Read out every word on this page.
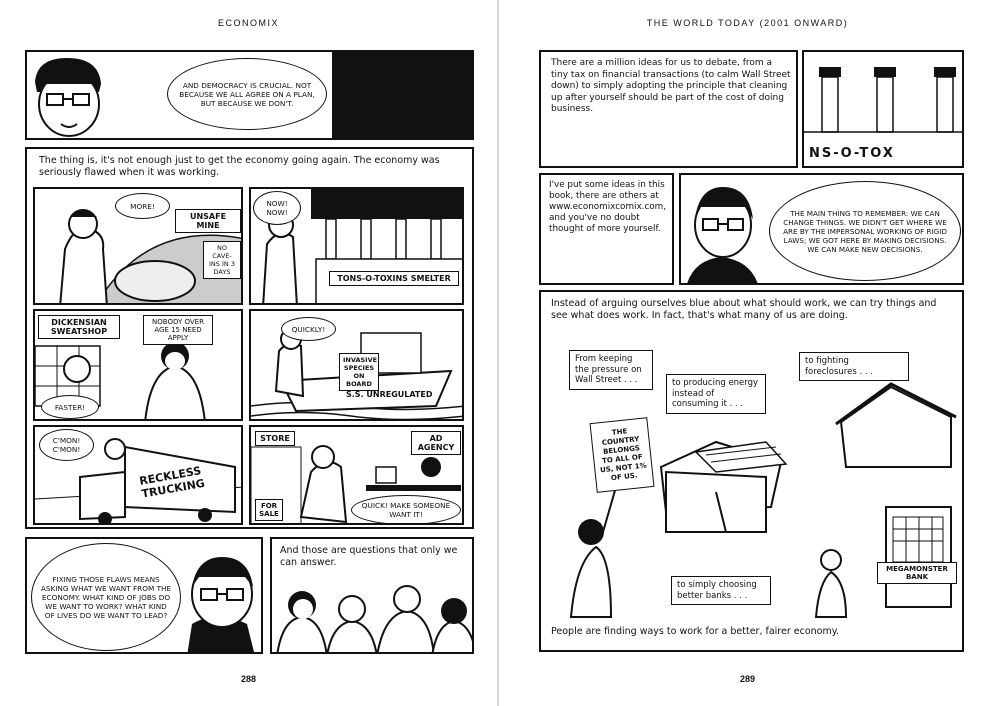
ECONOMIX
AND DEMOCRACY IS CRUCIAL. NOT BECAUSE WE ALL AGREE ON A PLAN, BUT BECAUSE WE DON'T.
The thing is, it's not enough just to get the economy going again. The economy was seriously flawed when it was working.
MORE!
UNSAFE MINE
NO CAVE-INS IN 3 DAYS
NOW! NOW!
TONS-O-TOXINS SMELTER
DICKENSIAN SWEATSHOP
NOBODY OVER AGE 15 NEED APPLY
FASTER!
QUICKLY!
INVASIVE SPECIES ON BOARD
S.S. UNREGULATED
C'MON! C'MON!
RECKLESS TRUCKING
STORE	AD AGENCY
FOR SALE
QUICK! MAKE SOMEONE WANT IT!
FIXING THOSE FLAWS MEANS ASKING WHAT WE WANT FROM THE ECONOMY. WHAT KIND OF JOBS DO WE WANT TO WORK? WHAT KIND OF LIVES DO WE WANT TO LEAD?
And those are questions that only we can answer.
288
THE WORLD TODAY (2001 ONWARD)
There are a million ideas for us to debate, from a tiny tax on financial transactions (to calm Wall Street down) to simply adopting the principle that cleaning up after yourself should be part of the cost of doing business.
NS-O-TOX
I've put some ideas in this book, there are others at www.economixcomix.com, and you've no doubt thought of more yourself.
THE MAIN THING TO REMEMBER: WE CAN CHANGE THINGS. WE DIDN'T GET WHERE WE ARE BY THE IMPERSONAL WORKING OF RIGID LAWS; WE GOT HERE BY MAKING DECISIONS. WE CAN MAKE NEW DECISIONS.
Instead of arguing ourselves blue about what should work, we can try things and see what does work. In fact, that's what many of us are doing.
From keeping the pressure on Wall Street . . .	to producing energy instead of consuming it . . .
to fighting foreclosures . . .
THE COUNTRY BELONGS TO ALL OF US, NOT 1% OF US.
to simply choosing better banks . . .
MEGAMONSTER BANK
People are finding ways to work for a better, fairer economy.
289
